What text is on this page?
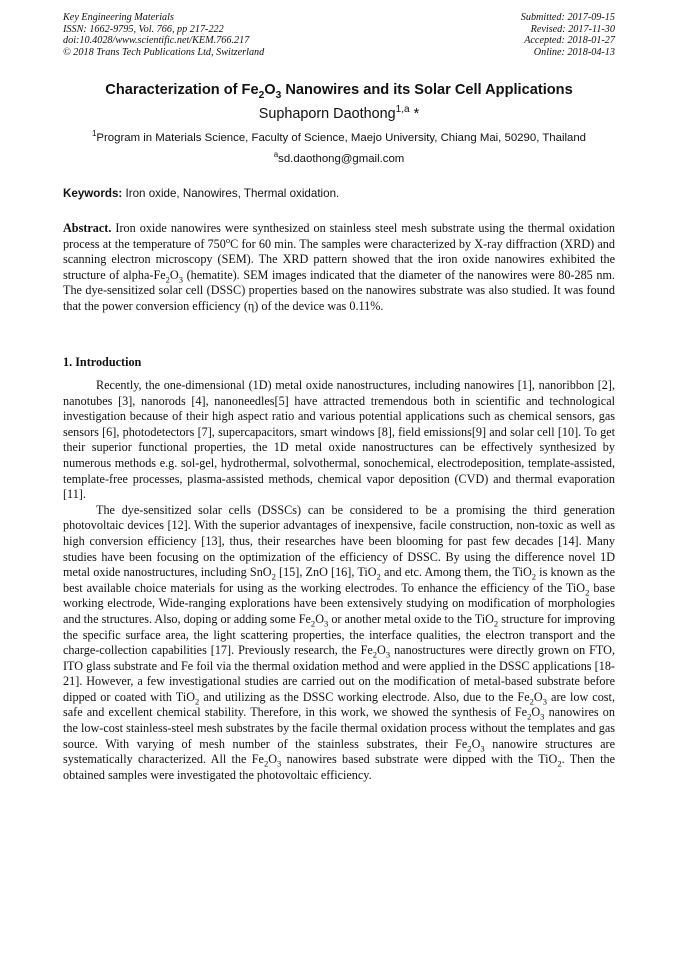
Key Engineering Materials
ISSN: 1662-9795, Vol. 766, pp 217-222
doi:10.4028/www.scientific.net/KEM.766.217
© 2018 Trans Tech Publications Ltd, Switzerland
Submitted: 2017-09-15
Revised: 2017-11-30
Accepted: 2018-01-27
Online: 2018-04-13
Characterization of $Fe_2O_3$ Nanowires and its Solar Cell Applications
Suphaporn Daothong$^{1,a}$ *
$^1$Program in Materials Science, Faculty of Science, Maejo University, Chiang Mai, 50290, Thailand
$^a$sd.daothong@gmail.com
Keywords: Iron oxide, Nanowires, Thermal oxidation.
Abstract. Iron oxide nanowires were synthesized on stainless steel mesh substrate using the thermal oxidation process at the temperature of 750$^o$C for 60 min. The samples were characterized by X-ray diffraction (XRD) and scanning electron microscopy (SEM). The XRD pattern showed that the iron oxide nanowires exhibited the structure of alpha-$Fe_2O_3$ (hematite). SEM images indicated that the diameter of the nanowires were 80-285 nm. The dye-sensitized solar cell (DSSC) properties based on the nanowires substrate was also studied. It was found that the power conversion efficiency (η) of the device was 0.11%.
1. Introduction

Recently, the one-dimensional (1D) metal oxide nanostructures, including nanowires [1], nanoribbon [2], nanotubes [3], nanorods [4], nanoneedles[5] have attracted tremendous both in scientific and technological investigation because of their high aspect ratio and various potential applications such as chemical sensors, gas sensors [6], photodetectors [7], supercapacitors, smart windows [8], field emissions[9] and solar cell [10]. To get their superior functional properties, the 1D metal oxide nanostructures can be effectively synthesized by numerous methods e.g. sol-gel, hydrothermal, solvothermal, sonochemical, electrodeposition, template-assisted, template-free processes, plasma-assisted methods, chemical vapor deposition (CVD) and thermal evaporation [11].

The dye-sensitized solar cells (DSSCs) can be considered to be a promising the third generation photovoltaic devices [12]. With the superior advantages of inexpensive, facile construction, non-toxic as well as high conversion efficiency [13], thus, their researches have been blooming for past few decades [14]. Many studies have been focusing on the optimization of the efficiency of DSSC. By using the difference novel 1D metal oxide nanostructures, including SnO$_2$ [15], ZnO [16], TiO$_2$ and etc. Among them, the TiO$_2$ is known as the best available choice materials for using as the working electrodes. To enhance the efficiency of the TiO$_2$ base working electrode, Wide-ranging explorations have been extensively studying on modification of morphologies and the structures. Also, doping or adding some $Fe_2O_3$ or another metal oxide to the TiO$_2$ structure for improving the specific surface area, the light scattering properties, the interface qualities, the electron transport and the charge-collection capabilities [17]. Previously research, the $Fe_2O_3$ nanostructures were directly grown on FTO, ITO glass substrate and Fe foil via the thermal oxidation method and were applied in the DSSC applications [18-21]. However, a few investigational studies are carried out on the modification of metal-based substrate before dipped or coated with TiO$_2$ and utilizing as the DSSC working electrode. Also, due to the $Fe_2O_3$ are low cost, safe and excellent chemical stability. Therefore, in this work, we showed the synthesis of $Fe_2O_3$ nanowires on the low-cost stainless-steel mesh substrates by the facile thermal oxidation process without the templates and gas source. With varying of mesh number of the stainless substrates, their $Fe_2O_3$ nanowire structures are systematically characterized. All the $Fe_2O_3$ nanowires based substrate were dipped with the TiO$_2$. Then the obtained samples were investigated the photovoltaic efficiency.
